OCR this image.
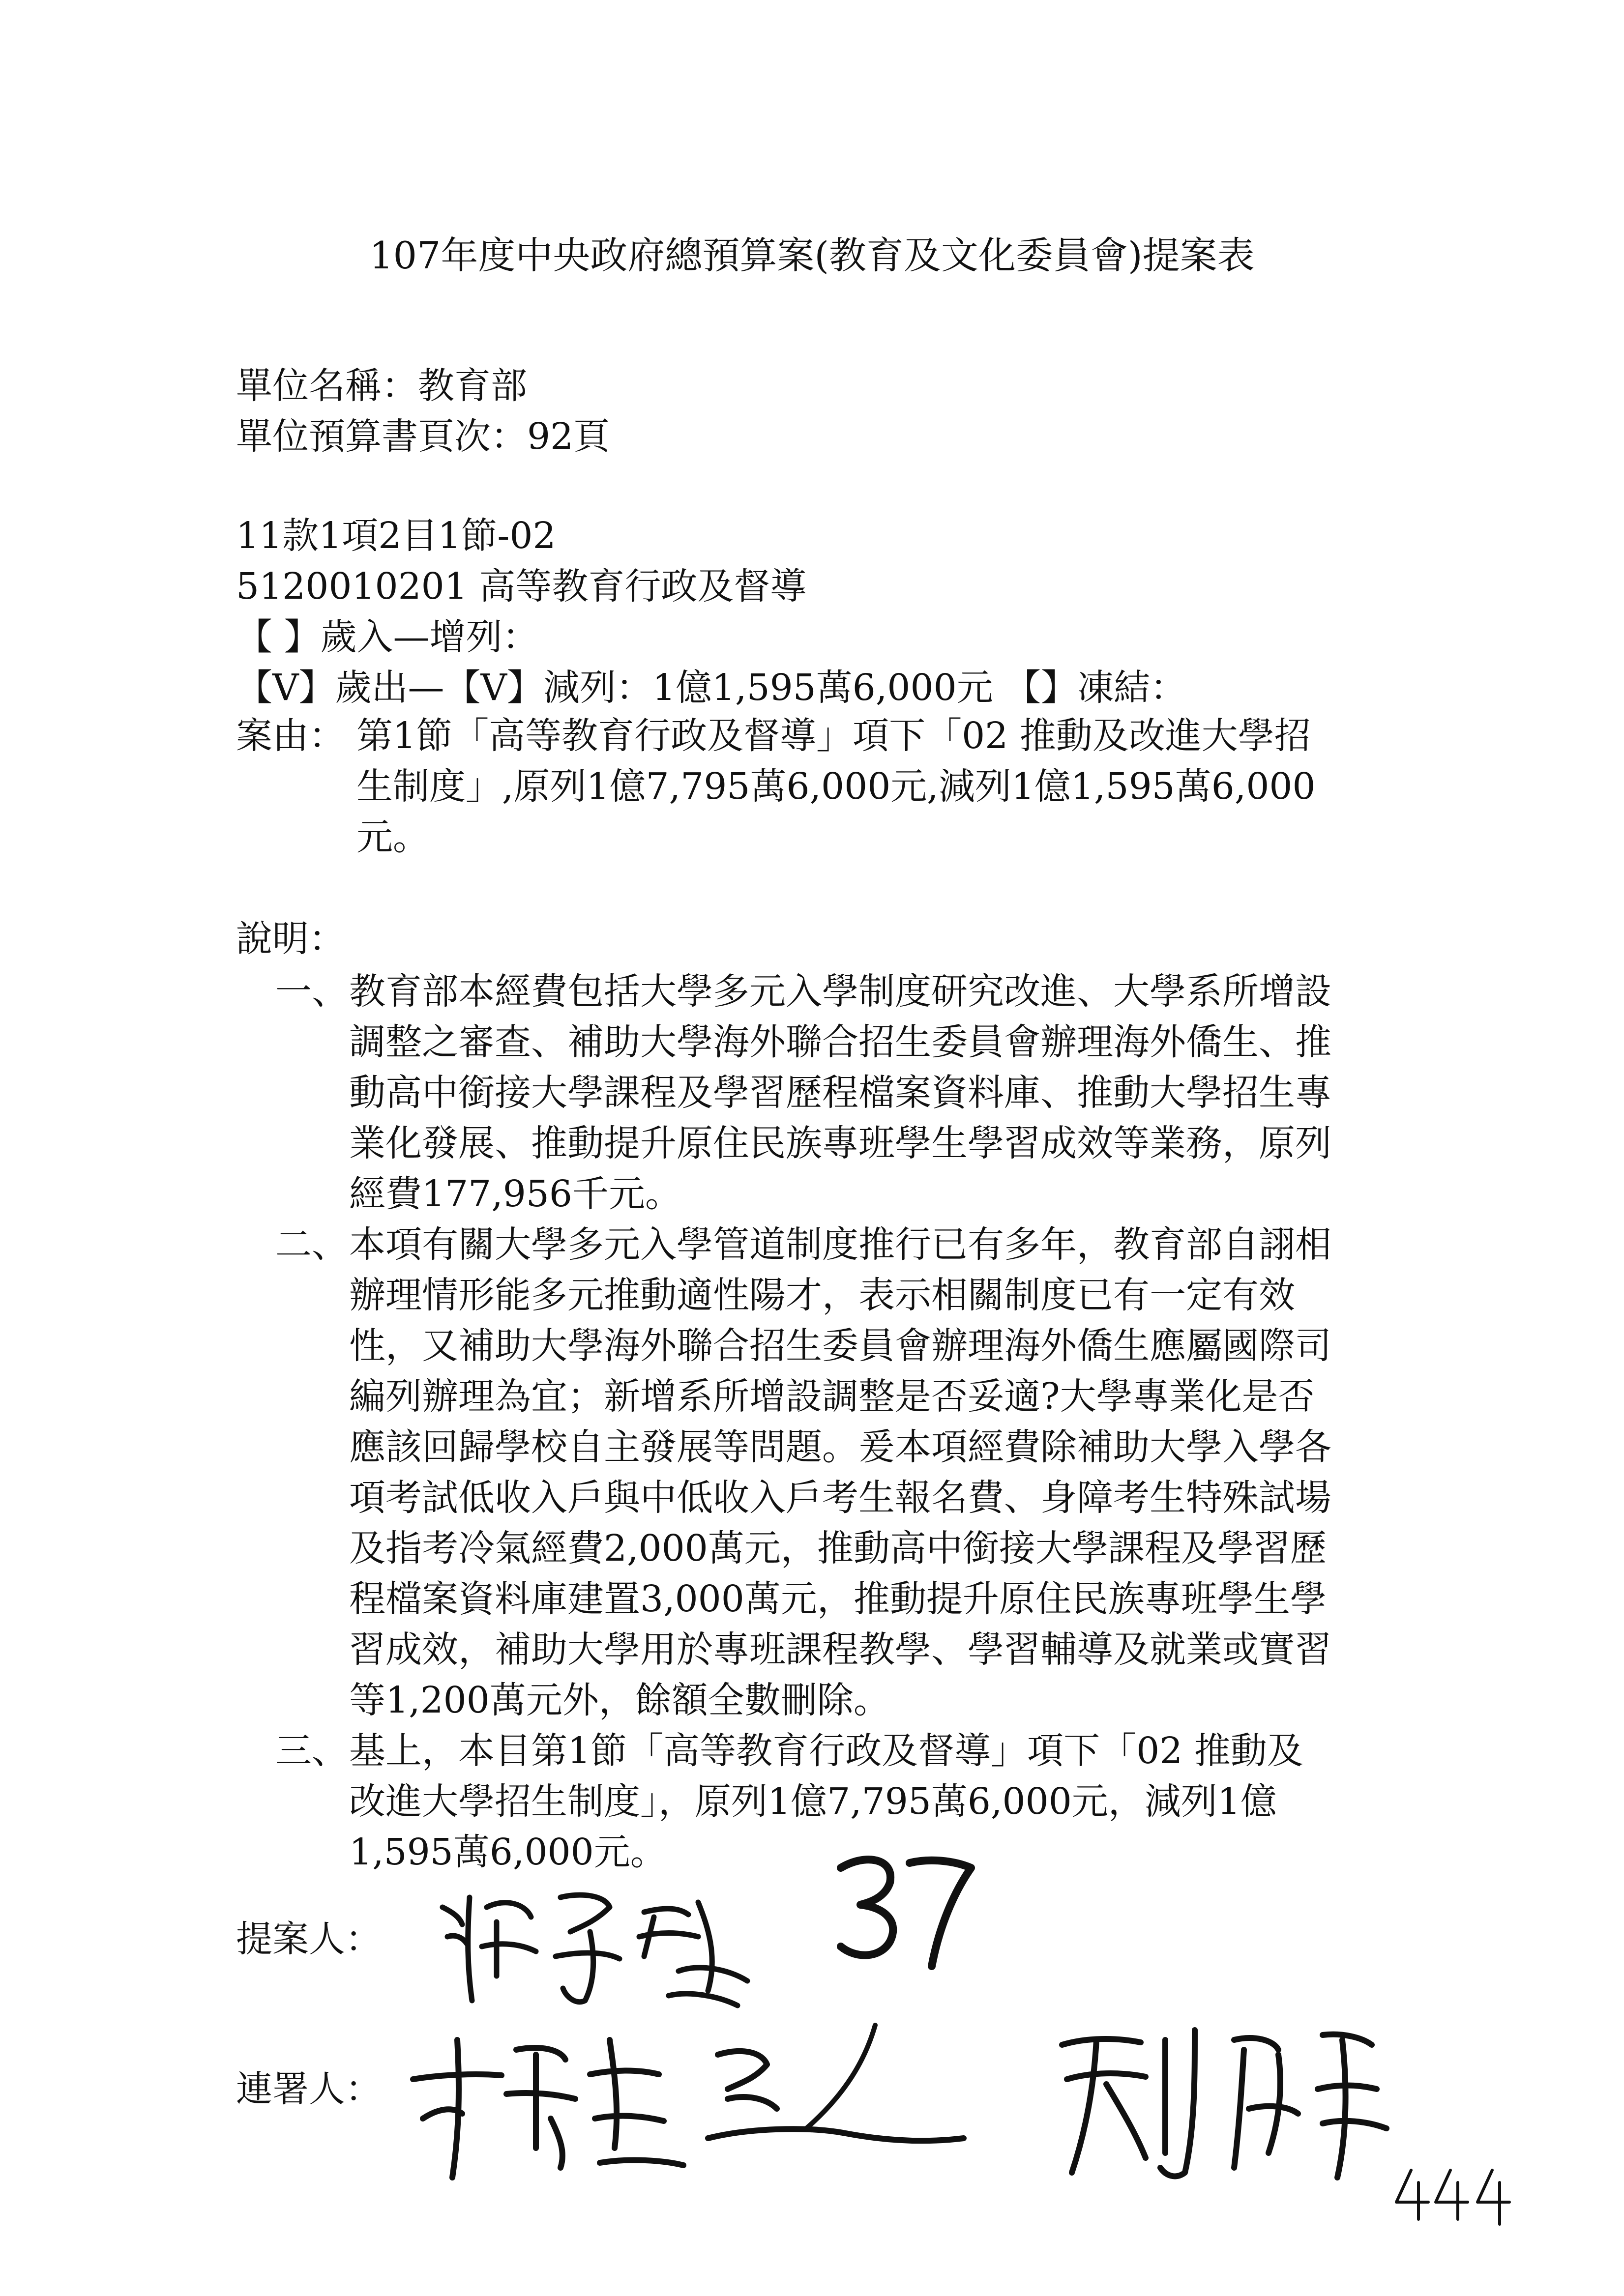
107年度中央政府總預算案(教育及文化委員會)提案表
單位名稱：教育部
單位預算書頁次：92頁
11款1項2目1節-02
5120010201 高等教育行政及督導
【 】歲入—增列：
【V】歲出—【V】減列：1億1,595萬6,000元 【】凍結：
案由： 第1節「高等教育行政及督導」項下「02 推動及改進大學招
生制度」,原列1億7,795萬6,000元,減列1億1,595萬6,000
元。
說明：
一、 教育部本經費包括大學多元入學制度研究改進、大學系所增設
調整之審查、補助大學海外聯合招生委員會辦理海外僑生、推
動高中銜接大學課程及學習歷程檔案資料庫、推動大學招生專
業化發展、推動提升原住民族專班學生學習成效等業務，原列
經費177,956千元。
二、 本項有關大學多元入學管道制度推行已有多年，教育部自詡相
辦理情形能多元推動適性陽才，表示相關制度已有一定有效
性，又補助大學海外聯合招生委員會辦理海外僑生應屬國際司
編列辦理為宜；新增系所增設調整是否妥適?大學專業化是否
應該回歸學校自主發展等問題。爰本項經費除補助大學入學各
項考試低收入戶與中低收入戶考生報名費、身障考生特殊試場
及指考冷氣經費2,000萬元，推動高中銜接大學課程及學習歷
程檔案資料庫建置3,000萬元，推動提升原住民族專班學生學
習成效，補助大學用於專班課程教學、學習輔導及就業或實習
等1,200萬元外，餘額全數刪除。
三、 基上，本目第1節「高等教育行政及督導」項下「02 推動及
改進大學招生制度」，原列1億7,795萬6,000元，減列1億
1,595萬6,000元。
提案人：
連署人：
